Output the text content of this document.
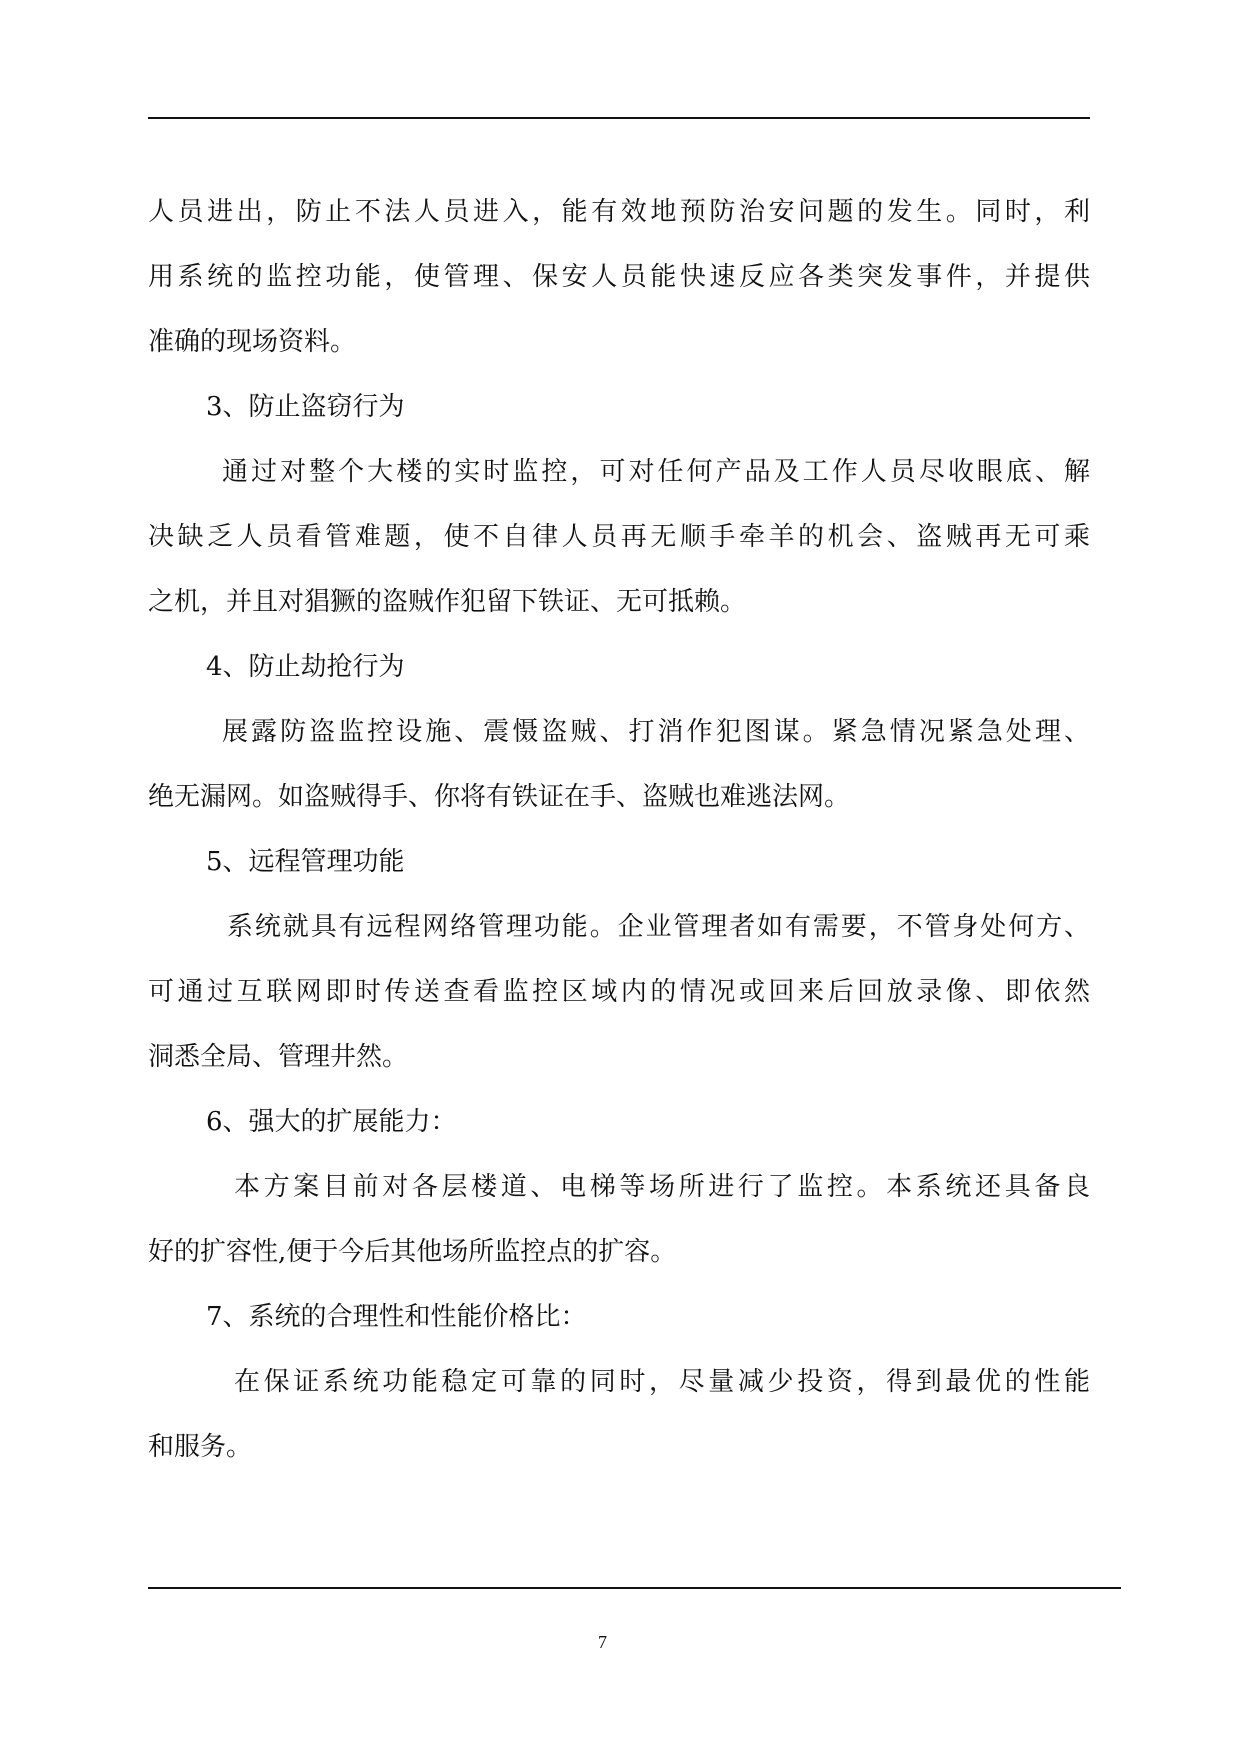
人员进出，防止不法人员进入，能有效地预防治安问题的发生。同时，利
用系统的监控功能，使管理、保安人员能快速反应各类突发事件，并提供
准确的现场资料。
3、防止盗窃行为
通过对整个大楼的实时监控，可对任何产品及工作人员尽收眼底、解
决缺乏人员看管难题，使不自律人员再无顺手牵羊的机会、盗贼再无可乘
之机，并且对猖獗的盗贼作犯留下铁证、无可抵赖。
4、防止劫抢行为
展露防盗监控设施、震慑盗贼、打消作犯图谋。紧急情况紧急处理、
绝无漏网。如盗贼得手、你将有铁证在手、盗贼也难逃法网。
5、远程管理功能
系统就具有远程网络管理功能。企业管理者如有需要，不管身处何方、
可通过互联网即时传送查看监控区域内的情况或回来后回放录像、即依然
洞悉全局、管理井然。
6、强大的扩展能力：
本方案目前对各层楼道、电梯等场所进行了监控。本系统还具备良
好的扩容性,便于今后其他场所监控点的扩容。
7、系统的合理性和性能价格比：
在保证系统功能稳定可靠的同时，尽量减少投资，得到最优的性能
和服务。
7
